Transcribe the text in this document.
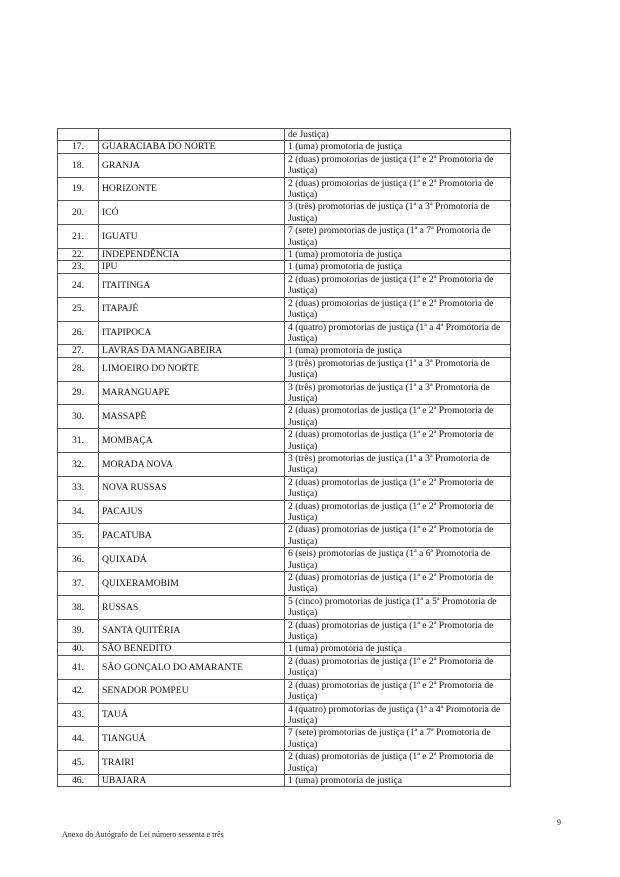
		de Justiça)
17.	GUARACIABA DO NORTE	1 (uma) promotoria de justiça
18.	GRANJA	2 (duas) promotorias de justiça (1ª e 2ª Promotoria de Justiça)
19.	HORIZONTE	2 (duas) promotorias de justiça (1ª e 2ª Promotoria de Justiça)
20.	ICÓ	3 (três) promotorias de justiça (1ª a 3ª Promotoria de Justiça)
21.	IGUATU	7 (sete) promotorias de justiça (1ª a 7ª Promotoria de Justiça)
22.	INDEPENDÊNCIA	1 (uma) promotoria de justiça
23.	IPU	1 (uma) promotoria de justiça
24.	ITAITINGA	2 (duas) promotorias de justiça (1ª e 2ª Promotoria de Justiça)
25.	ITAPAJÉ	2 (duas) promotorias de justiça (1ª e 2ª Promotoria de Justiça)
26.	ITAPIPOCA	4 (quatro) promotorias de justiça (1ª a 4ª Promotoria de Justiça)
27.	LAVRAS DA MANGABEIRA	1 (uma) promotoria de justiça
28.	LIMOEIRO DO NORTE	3 (três) promotorias de justiça (1ª a 3ª Promotoria de Justiça)
29.	MARANGUAPE	3 (três) promotorias de justiça (1ª a 3ª Promotoria de Justiça)
30.	MASSAPÊ	2 (duas) promotorias de justiça (1ª e 2ª Promotoria de Justiça)
31.	MOMBAÇA	2 (duas) promotorias de justiça (1ª e 2ª Promotoria de Justiça)
32.	MORADA NOVA	3 (três) promotorias de justiça (1ª a 3ª Promotoria de Justiça)
33.	NOVA RUSSAS	2 (duas) promotorias de justiça (1ª e 2ª Promotoria de Justiça)
34.	PACAJUS	2 (duas) promotorias de justiça (1ª e 2ª Promotoria de Justiça)
35.	PACATUBA	2 (duas) promotorias de justiça (1ª e 2ª Promotoria de Justiça)
36.	QUIXADÁ	6 (seis) promotorias de justiça (1ª a 6ª Promotoria de Justiça)
37.	QUIXERAMOBIM	2 (duas) promotorias de justiça (1ª e 2ª Promotoria de Justiça)
38.	RUSSAS	5 (cinco) promotorias de justiça (1ª a 5ª Promotoria de Justiça)
39.	SANTA QUITÉRIA	2 (duas) promotorias de justiça (1ª e 2ª Promotoria de Justiça)
40.	SÃO BENEDITO	1 (uma) promotoria de justiça
41.	SÃO GONÇALO DO AMARANTE	2 (duas) promotorias de justiça (1ª e 2ª Promotoria de Justiça)
42.	SENADOR POMPEU	2 (duas) promotorias de justiça (1ª e 2ª Promotoria de Justiça)
43.	TAUÁ	4 (quatro) promotorias de justiça (1ª a 4ª Promotoria de Justiça)
44.	TIANGUÁ	7 (sete) promotorias de justiça (1ª a 7ª Promotoria de Justiça)
45.	TRAIRI	2 (duas) promotorias de justiça (1ª e 2ª Promotoria de Justiça)
46.	UBAJARA	1 (uma) promotoria de justiça
9
Anexo do Autógrafo de Lei número sessenta e três
